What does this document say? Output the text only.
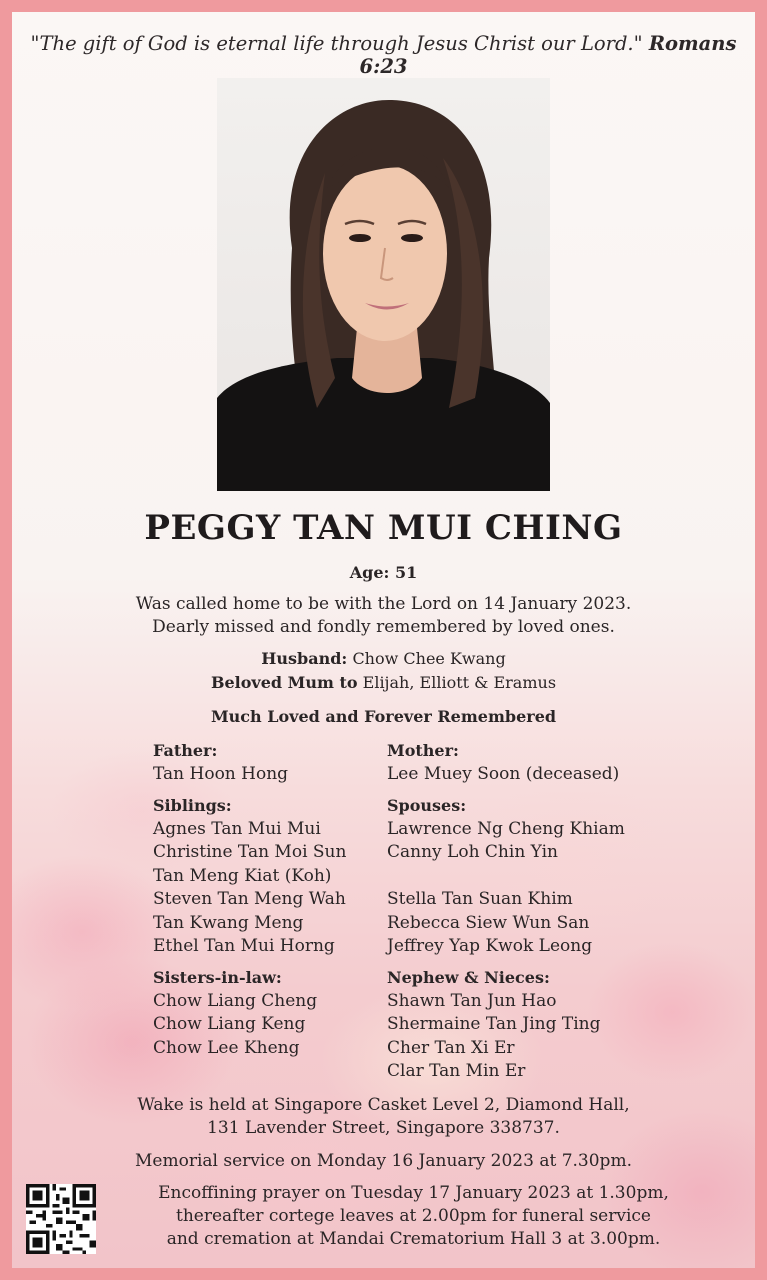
"The gift of God is eternal life through Jesus Christ our Lord." Romans 6:23
PEGGY TAN MUI CHING
Age: 51
Was called home to be with the Lord on 14 January 2023.
Dearly missed and fondly remembered by loved ones.
Husband: Chow Chee Kwang
Beloved Mum to Elijah, Elliott & Eramus
Much Loved and Forever Remembered
Father:
Tan Hoon Hong
Mother:
Lee Muey Soon (deceased)
Siblings:
Agnes Tan Mui Mui
Christine Tan Moi Sun
Tan Meng Kiat (Koh)
Steven Tan Meng Wah
Tan Kwang Meng
Ethel Tan Mui Horng
Spouses:
Lawrence Ng Cheng Khiam
Canny Loh Chin Yin
Stella Tan Suan Khim
Rebecca Siew Wun San
Jeffrey Yap Kwok Leong
Sisters-in-law:
Chow Liang Cheng
Chow Liang Keng
Chow Lee Kheng
Nephew & Nieces:
Shawn Tan Jun Hao
Shermaine Tan Jing Ting
Cher Tan Xi Er
Clar Tan Min Er
Wake is held at Singapore Casket Level 2, Diamond Hall,
131 Lavender Street, Singapore 338737.
Memorial service on Monday 16 January 2023 at 7.30pm.
Encoffining prayer on Tuesday 17 January 2023 at 1.30pm,
thereafter cortege leaves at 2.00pm for funeral service
and cremation at Mandai Crematorium Hall 3 at 3.00pm.
